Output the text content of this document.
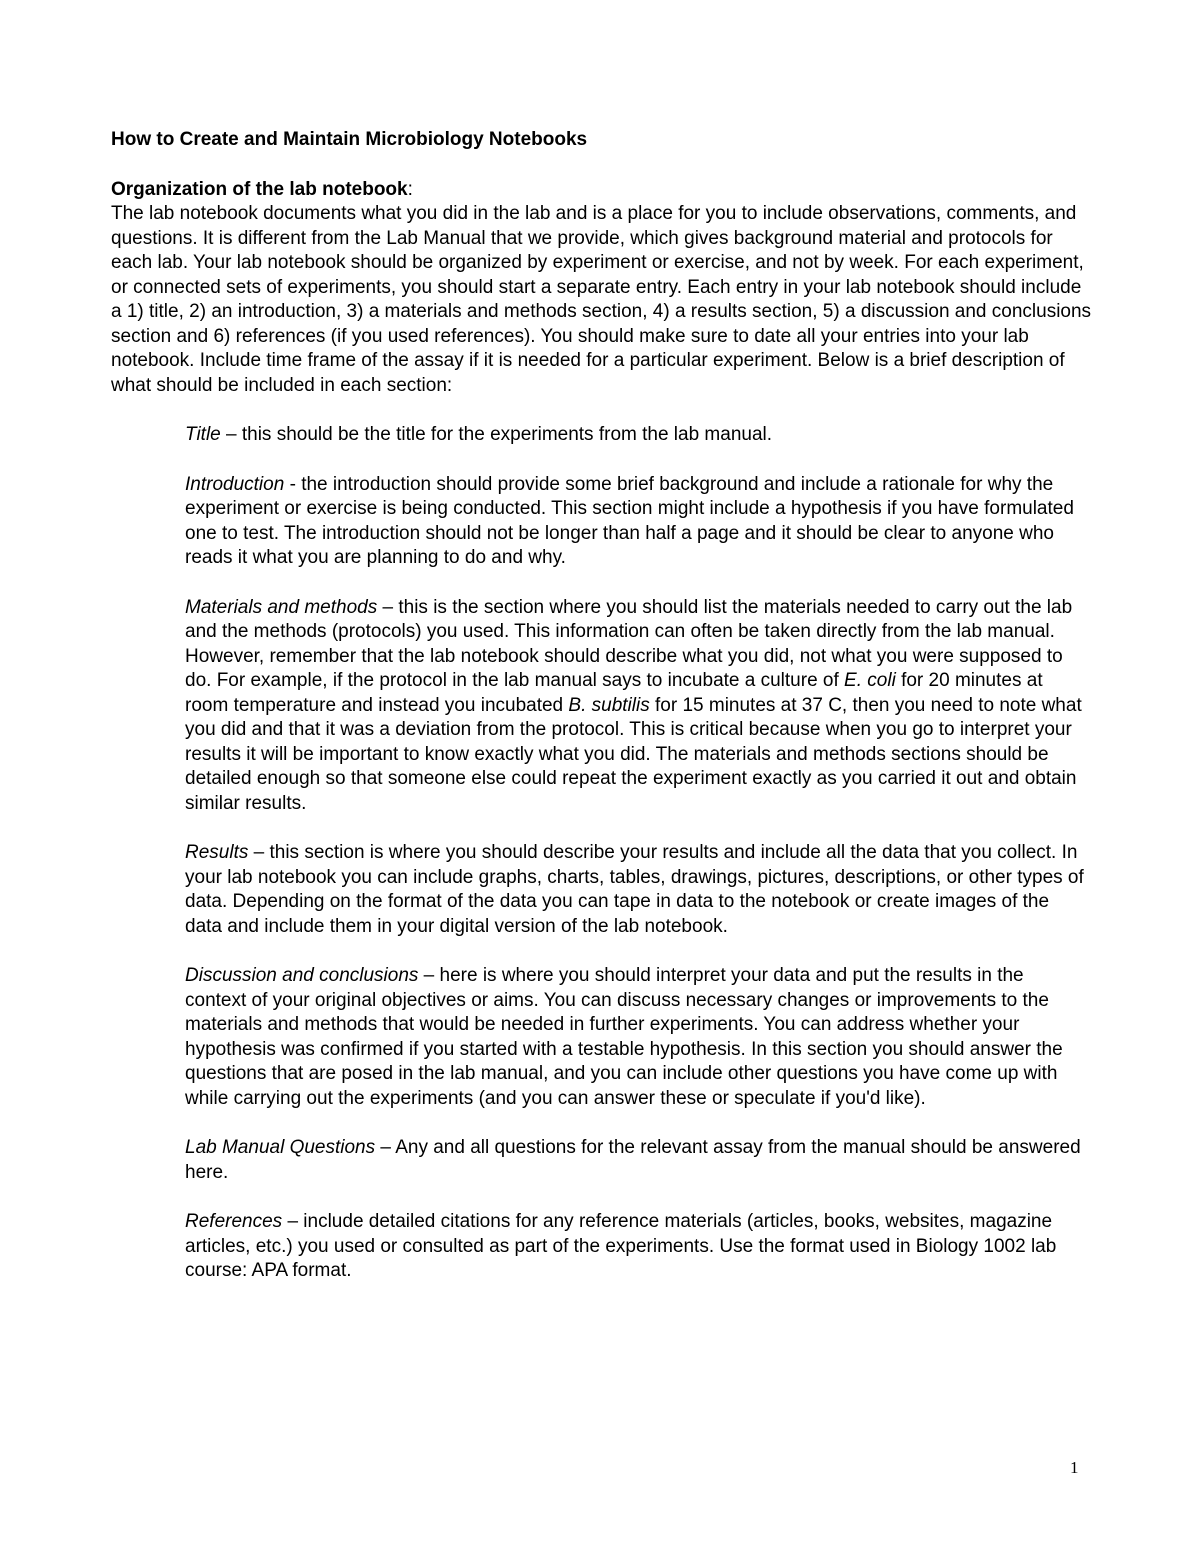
How to Create and Maintain Microbiology Notebooks

Organization of the lab notebook:

The lab notebook documents what you did in the lab and is a place for you to include observations, comments, and questions. It is different from the Lab Manual that we provide, which gives background material and protocols for each lab. Your lab notebook should be organized by experiment or exercise, and not by week. For each experiment, or connected sets of experiments, you should start a separate entry. Each entry in your lab notebook should include a 1) title, 2) an introduction, 3) a materials and methods section, 4) a results section, 5) a discussion and conclusions section and 6) references (if you used references). You should make sure to date all your entries into your lab notebook. Include time frame of the assay if it is needed for a particular experiment. Below is a brief description of what should be included in each section:

Title – this should be the title for the experiments from the lab manual.

Introduction - the introduction should provide some brief background and include a rationale for why the experiment or exercise is being conducted. This section might include a hypothesis if you have formulated one to test. The introduction should not be longer than half a page and it should be clear to anyone who reads it what you are planning to do and why.

Materials and methods – this is the section where you should list the materials needed to carry out the lab and the methods (protocols) you used. This information can often be taken directly from the lab manual. However, remember that the lab notebook should describe what you did, not what you were supposed to do. For example, if the protocol in the lab manual says to incubate a culture of E. coli for 20 minutes at room temperature and instead you incubated B. subtilis for 15 minutes at 37 C, then you need to note what you did and that it was a deviation from the protocol. This is critical because when you go to interpret your results it will be important to know exactly what you did. The materials and methods sections should be detailed enough so that someone else could repeat the experiment exactly as you carried it out and obtain similar results.

Results – this section is where you should describe your results and include all the data that you collect. In your lab notebook you can include graphs, charts, tables, drawings, pictures, descriptions, or other types of data. Depending on the format of the data you can tape in data to the notebook or create images of the data and include them in your digital version of the lab notebook.

Discussion and conclusions – here is where you should interpret your data and put the results in the context of your original objectives or aims. You can discuss necessary changes or improvements to the materials and methods that would be needed in further experiments. You can address whether your hypothesis was confirmed if you started with a testable hypothesis. In this section you should answer the questions that are posed in the lab manual, and you can include other questions you have come up with while carrying out the experiments (and you can answer these or speculate if you'd like).

Lab Manual Questions – Any and all questions for the relevant assay from the manual should be answered here.

References – include detailed citations for any reference materials (articles, books, websites, magazine articles, etc.) you used or consulted as part of the experiments. Use the format used in Biology 1002 lab course: APA format.

1
